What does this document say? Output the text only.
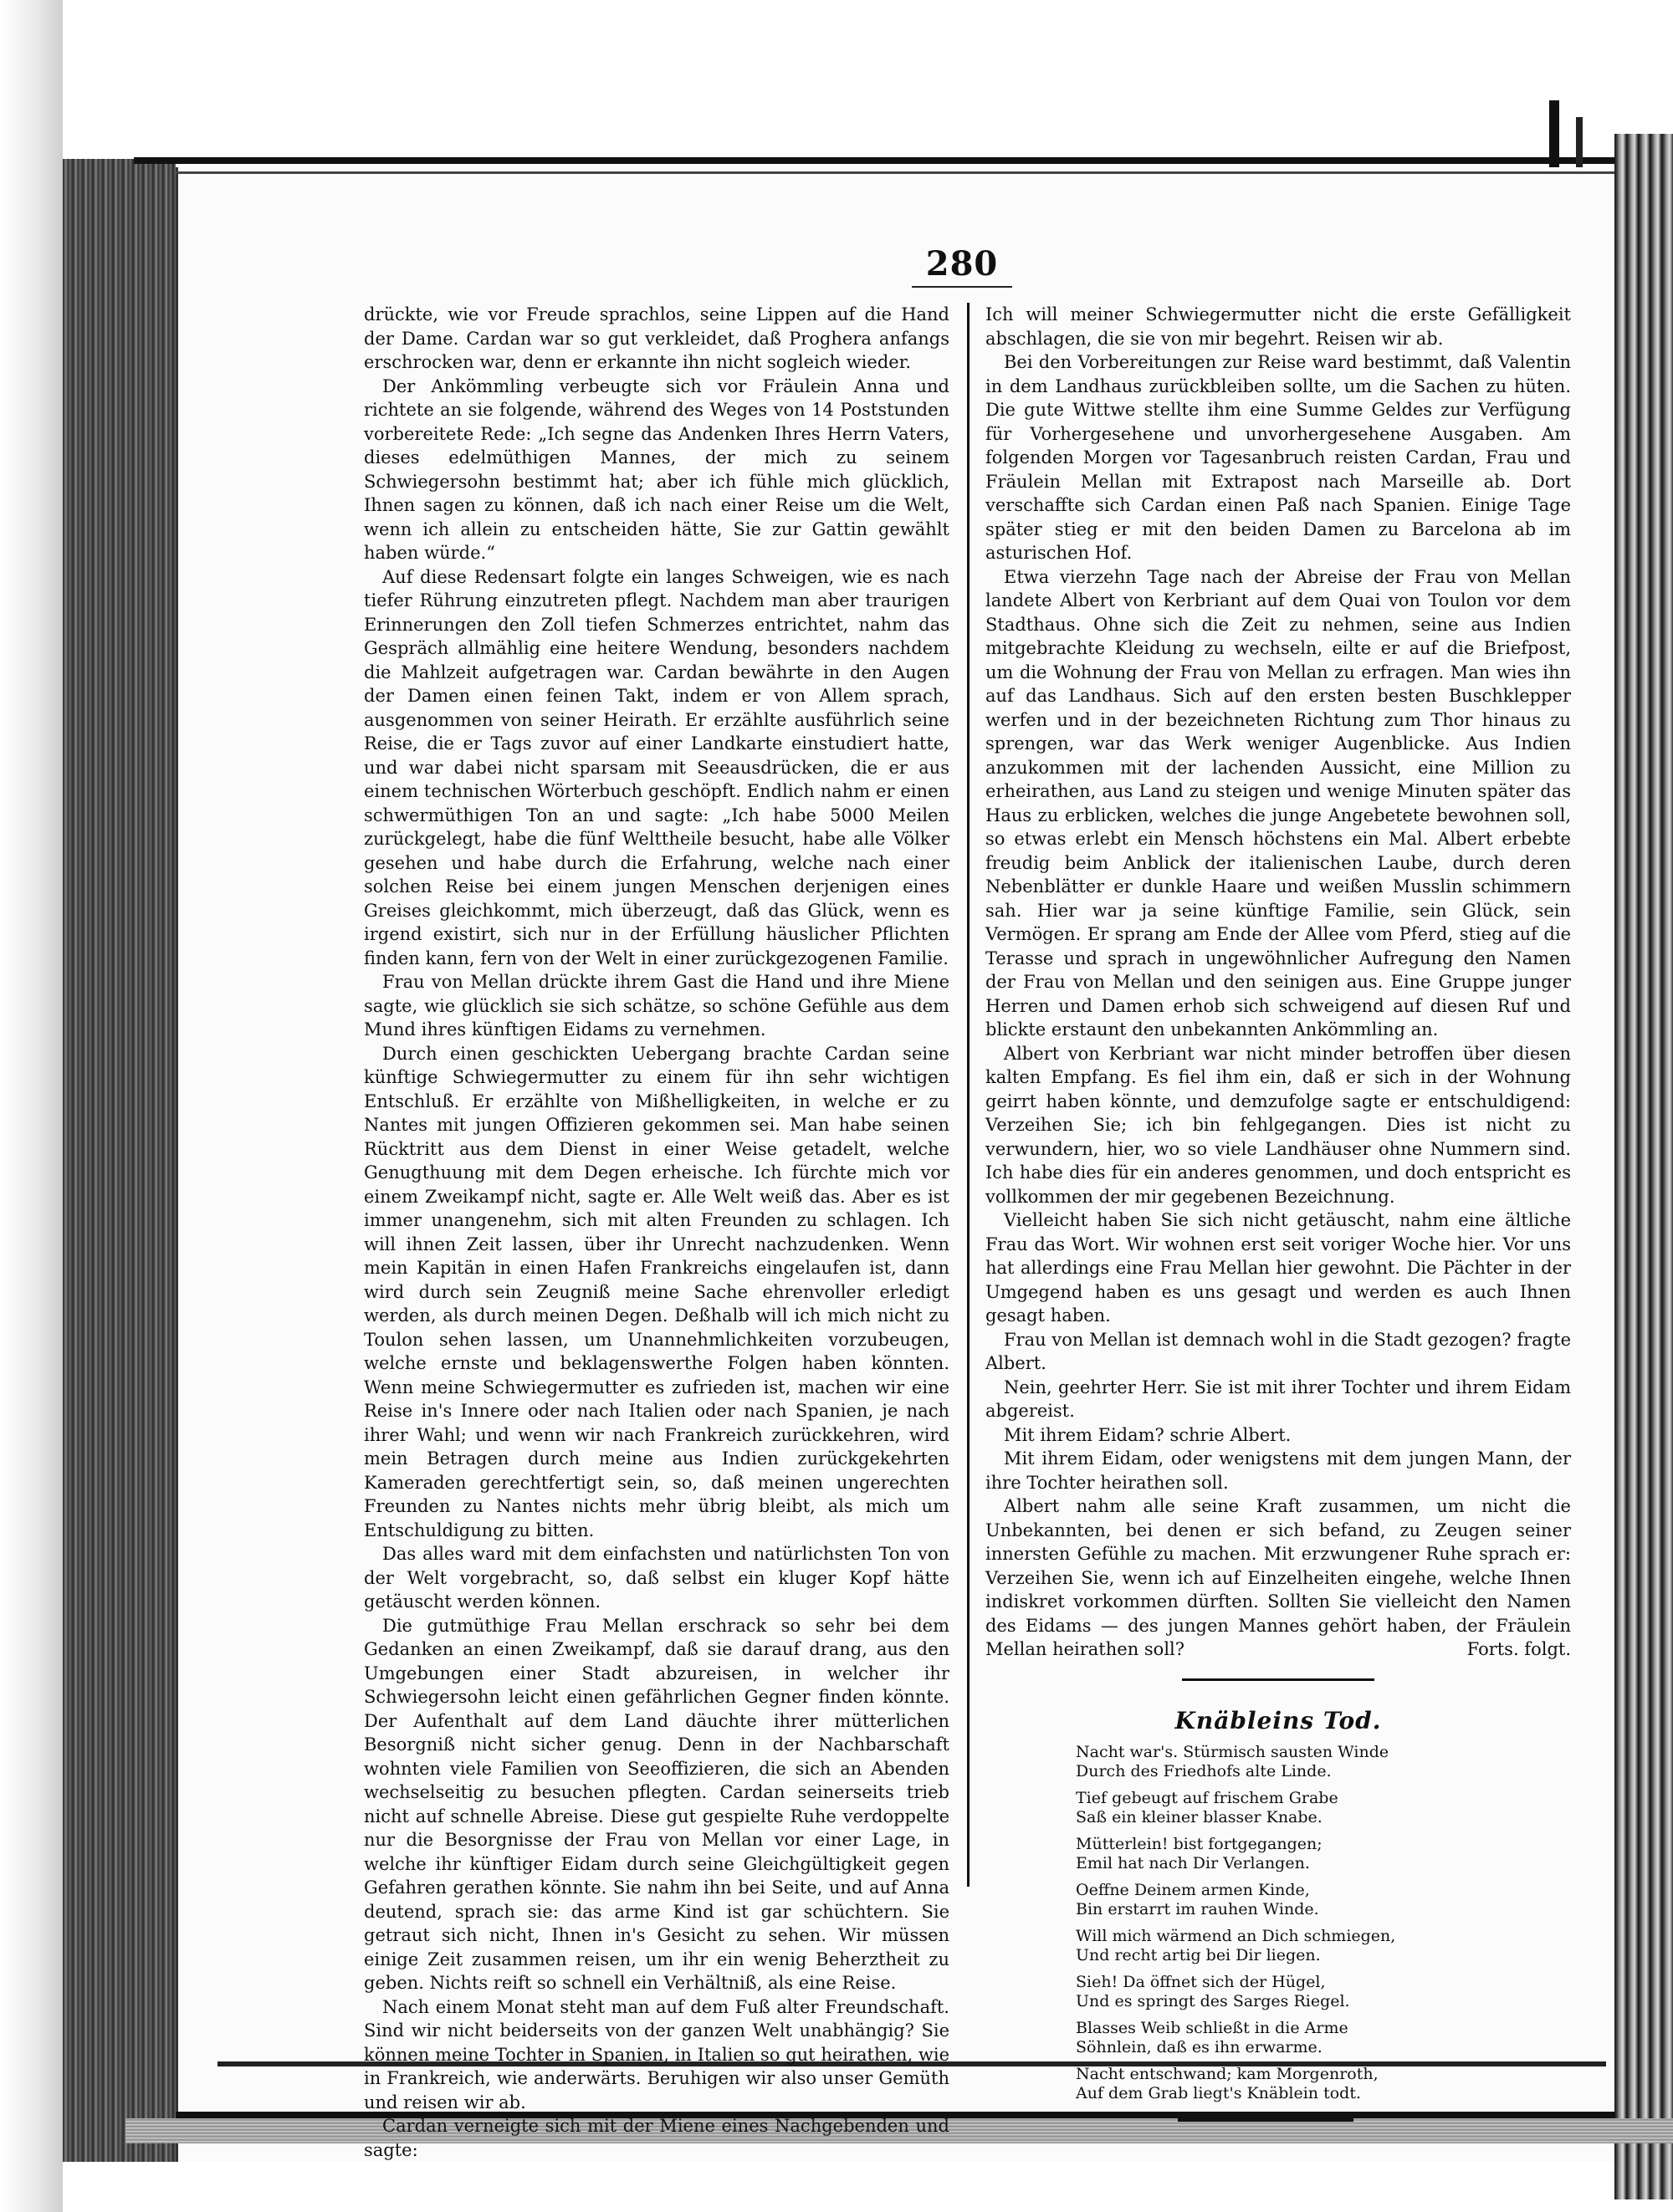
280

drückte, wie vor Freude sprachlos, seine Lippen auf die Hand der Dame. Cardan war so gut verkleidet, daß Proghera anfangs erschrocken war, denn er erkannte ihn nicht sogleich wieder.

Der Ankömmling verbeugte sich vor Fräulein Anna und richtete an sie folgende, während des Weges von 14 Poststunden vorbereitete Rede: „Ich segne das Andenken Ihres Herrn Vaters, dieses edelmüthigen Mannes, der mich zu seinem Schwiegersohn bestimmt hat; aber ich fühle mich glücklich, Ihnen sagen zu können, daß ich nach einer Reise um die Welt, wenn ich allein zu entscheiden hätte, Sie zur Gattin gewählt haben würde.“

Auf diese Redensart folgte ein langes Schweigen, wie es nach tiefer Rührung einzutreten pflegt. Nachdem man aber traurigen Erinnerungen den Zoll tiefen Schmerzes entrichtet, nahm das Gespräch allmählig eine heitere Wendung, besonders nachdem die Mahlzeit aufgetragen war. Cardan bewährte in den Augen der Damen einen feinen Takt, indem er von Allem sprach, ausgenommen von seiner Heirath. Er erzählte ausführlich seine Reise, die er Tags zuvor auf einer Landkarte einstudiert hatte, und war dabei nicht sparsam mit Seeausdrücken, die er aus einem technischen Wörterbuch geschöpft. Endlich nahm er einen schwermüthigen Ton an und sagte: „Ich habe 5000 Meilen zurückgelegt, habe die fünf Welttheile besucht, habe alle Völker gesehen und habe durch die Erfahrung, welche nach einer solchen Reise bei einem jungen Menschen derjenigen eines Greises gleichkommt, mich überzeugt, daß das Glück, wenn es irgend existirt, sich nur in der Erfüllung häuslicher Pflichten finden kann, fern von der Welt in einer zurückgezogenen Familie.

Frau von Mellan drückte ihrem Gast die Hand und ihre Miene sagte, wie glücklich sie sich schätze, so schöne Gefühle aus dem Mund ihres künftigen Eidams zu vernehmen.

Durch einen geschickten Uebergang brachte Cardan seine künftige Schwiegermutter zu einem für ihn sehr wichtigen Entschluß. Er erzählte von Mißhelligkeiten, in welche er zu Nantes mit jungen Offizieren gekommen sei. Man habe seinen Rücktritt aus dem Dienst in einer Weise getadelt, welche Genugthuung mit dem Degen erheische. Ich fürchte mich vor einem Zweikampf nicht, sagte er. Alle Welt weiß das. Aber es ist immer unangenehm, sich mit alten Freunden zu schlagen. Ich will ihnen Zeit lassen, über ihr Unrecht nachzudenken. Wenn mein Kapitän in einen Hafen Frankreichs eingelaufen ist, dann wird durch sein Zeugniß meine Sache ehrenvoller erledigt werden, als durch meinen Degen. Deßhalb will ich mich nicht zu Toulon sehen lassen, um Unannehmlichkeiten vorzubeugen, welche ernste und beklagenswerthe Folgen haben könnten. Wenn meine Schwiegermutter es zufrieden ist, machen wir eine Reise in's Innere oder nach Italien oder nach Spanien, je nach ihrer Wahl; und wenn wir nach Frankreich zurückkehren, wird mein Betragen durch meine aus Indien zurückgekehrten Kameraden gerechtfertigt sein, so, daß meinen ungerechten Freunden zu Nantes nichts mehr übrig bleibt, als mich um Entschuldigung zu bitten.

Das alles ward mit dem einfachsten und natürlichsten Ton von der Welt vorgebracht, so, daß selbst ein kluger Kopf hätte getäuscht werden können.

Die gutmüthige Frau Mellan erschrack so sehr bei dem Gedanken an einen Zweikampf, daß sie darauf drang, aus den Umgebungen einer Stadt abzureisen, in welcher ihr Schwiegersohn leicht einen gefährlichen Gegner finden könnte. Der Aufenthalt auf dem Land däuchte ihrer mütterlichen Besorgniß nicht sicher genug. Denn in der Nachbarschaft wohnten viele Familien von Seeoffizieren, die sich an Abenden wechselseitig zu besuchen pflegten. Cardan seinerseits trieb nicht auf schnelle Abreise. Diese gut gespielte Ruhe verdoppelte nur die Besorgnisse der Frau von Mellan vor einer Lage, in welche ihr künftiger Eidam durch seine Gleichgültigkeit gegen Gefahren gerathen könnte. Sie nahm ihn bei Seite, und auf Anna deutend, sprach sie: das arme Kind ist gar schüchtern. Sie getraut sich nicht, Ihnen in's Gesicht zu sehen. Wir müssen einige Zeit zusammen reisen, um ihr ein wenig Beherztheit zu geben. Nichts reift so schnell ein Verhältniß, als eine Reise.

Nach einem Monat steht man auf dem Fuß alter Freundschaft. Sind wir nicht beiderseits von der ganzen Welt unabhängig? Sie können meine Tochter in Spanien, in Italien so gut heirathen, wie in Frankreich, wie anderwärts. Beruhigen wir also unser Gemüth und reisen wir ab.

Cardan verneigte sich mit der Miene eines Nachgebenden und sagte:

Ich will meiner Schwiegermutter nicht die erste Gefälligkeit abschlagen, die sie von mir begehrt. Reisen wir ab.

Bei den Vorbereitungen zur Reise ward bestimmt, daß Valentin in dem Landhaus zurückbleiben sollte, um die Sachen zu hüten. Die gute Wittwe stellte ihm eine Summe Geldes zur Verfügung für Vorhergesehene und unvorhergesehene Ausgaben. Am folgenden Morgen vor Tagesanbruch reisten Cardan, Frau und Fräulein Mellan mit Extrapost nach Marseille ab. Dort verschaffte sich Cardan einen Paß nach Spanien. Einige Tage später stieg er mit den beiden Damen zu Barcelona ab im asturischen Hof.

Etwa vierzehn Tage nach der Abreise der Frau von Mellan landete Albert von Kerbriant auf dem Quai von Toulon vor dem Stadthaus. Ohne sich die Zeit zu nehmen, seine aus Indien mitgebrachte Kleidung zu wechseln, eilte er auf die Briefpost, um die Wohnung der Frau von Mellan zu erfragen. Man wies ihn auf das Landhaus. Sich auf den ersten besten Buschklepper werfen und in der bezeichneten Richtung zum Thor hinaus zu sprengen, war das Werk weniger Augenblicke. Aus Indien anzukommen mit der lachenden Aussicht, eine Million zu erheirathen, aus Land zu steigen und wenige Minuten später das Haus zu erblicken, welches die junge Angebetete bewohnen soll, so etwas erlebt ein Mensch höchstens ein Mal. Albert erbebte freudig beim Anblick der italienischen Laube, durch deren Nebenblätter er dunkle Haare und weißen Musslin schimmern sah. Hier war ja seine künftige Familie, sein Glück, sein Vermögen. Er sprang am Ende der Allee vom Pferd, stieg auf die Terasse und sprach in ungewöhnlicher Aufregung den Namen der Frau von Mellan und den seinigen aus. Eine Gruppe junger Herren und Damen erhob sich schweigend auf diesen Ruf und blickte erstaunt den unbekannten Ankömmling an.

Albert von Kerbriant war nicht minder betroffen über diesen kalten Empfang. Es fiel ihm ein, daß er sich in der Wohnung geirrt haben könnte, und demzufolge sagte er entschuldigend: Verzeihen Sie; ich bin fehlgegangen. Dies ist nicht zu verwundern, hier, wo so viele Landhäuser ohne Nummern sind. Ich habe dies für ein anderes genommen, und doch entspricht es vollkommen der mir gegebenen Bezeichnung.

Vielleicht haben Sie sich nicht getäuscht, nahm eine ältliche Frau das Wort. Wir wohnen erst seit voriger Woche hier. Vor uns hat allerdings eine Frau Mellan hier gewohnt. Die Pächter in der Umgegend haben es uns gesagt und werden es auch Ihnen gesagt haben.

Frau von Mellan ist demnach wohl in die Stadt gezogen? fragte Albert.

Nein, geehrter Herr. Sie ist mit ihrer Tochter und ihrem Eidam abgereist.

Mit ihrem Eidam? schrie Albert.

Mit ihrem Eidam, oder wenigstens mit dem jungen Mann, der ihre Tochter heirathen soll.

Albert nahm alle seine Kraft zusammen, um nicht die Unbekannten, bei denen er sich befand, zu Zeugen seiner innersten Gefühle zu machen. Mit erzwungener Ruhe sprach er: Verzeihen Sie, wenn ich auf Einzelheiten eingehe, welche Ihnen indiskret vorkommen dürften. Sollten Sie vielleicht den Namen des Eidams — des jungen Mannes gehört haben, der Fräulein Mellan heirathen soll?	Forts. folgt.

Knäbleins Tod.
Nacht war's. Stürmisch sausten Winde
Durch des Friedhofs alte Linde.
Tief gebeugt auf frischem Grabe
Saß ein kleiner blasser Knabe.
Mütterlein! bist fortgegangen;
Emil hat nach Dir Verlangen.
Oeffne Deinem armen Kinde,
Bin erstarrt im rauhen Winde.
Will mich wärmend an Dich schmiegen,
Und recht artig bei Dir liegen.
Sieh! Da öffnet sich der Hügel,
Und es springt des Sarges Riegel.
Blasses Weib schließt in die Arme
Söhnlein, daß es ihn erwarme.
Nacht entschwand; kam Morgenroth,
Auf dem Grab liegt's Knäblein todt.
